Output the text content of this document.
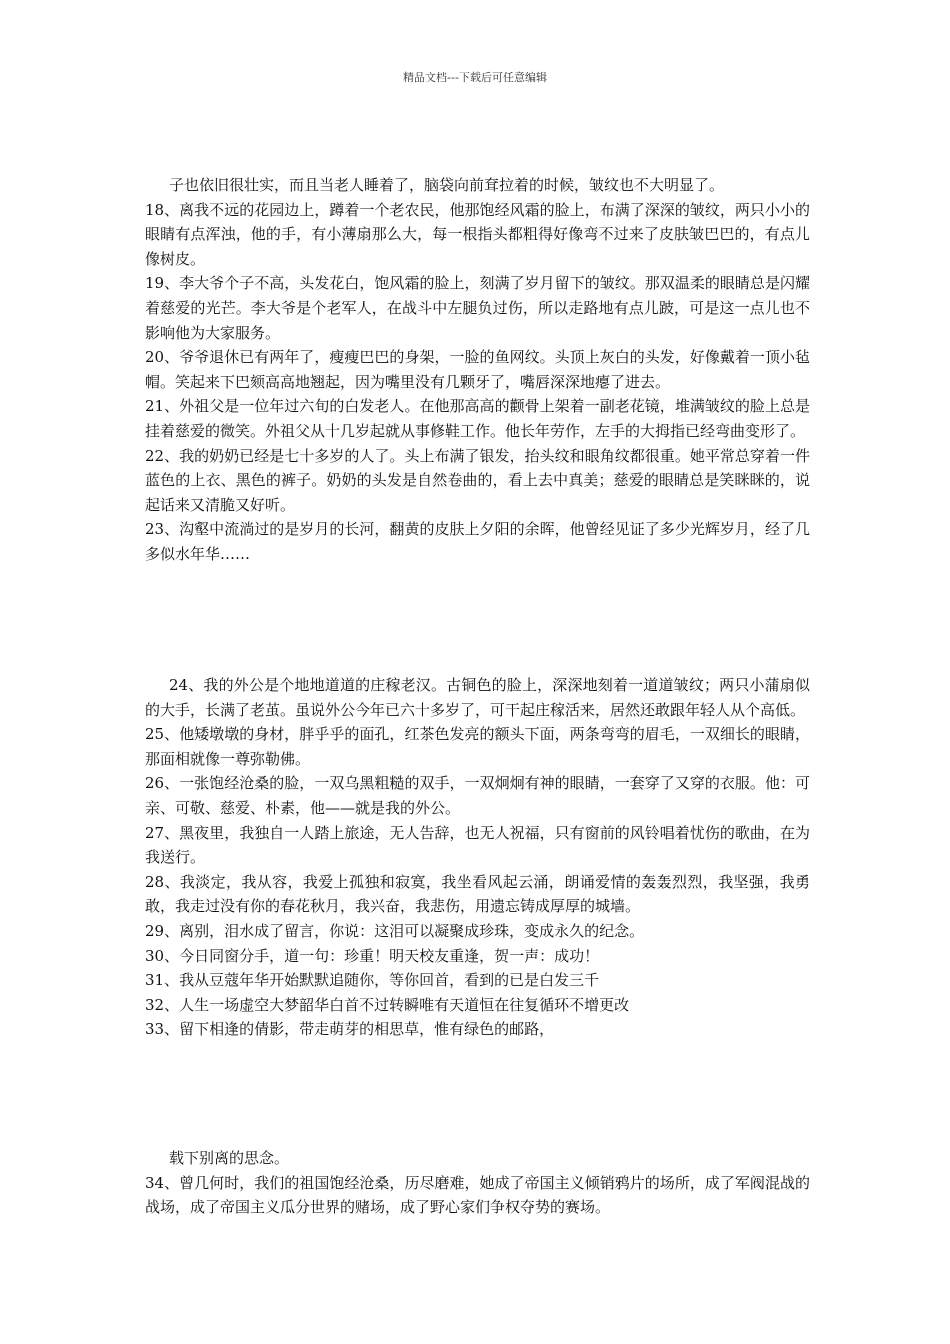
精品文档---下载后可任意编辑

子也依旧很壮实，而且当老人睡着了，脑袋向前耷拉着的时候，皱纹也不大明显了。

18、离我不远的花园边上，蹲着一个老农民，他那饱经风霜的脸上，布满了深深的皱纹，两只小小的眼睛有点浑浊，他的手，有小薄扇那么大，每一根指头都粗得好像弯不过来了皮肤皱巴巴的，有点儿像树皮。

19、李大爷个子不高，头发花白，饱风霜的脸上，刻满了岁月留下的皱纹。那双温柔的眼睛总是闪耀着慈爱的光芒。李大爷是个老军人，在战斗中左腿负过伤，所以走路地有点儿跛，可是这一点儿也不影响他为大家服务。

20、爷爷退休已有两年了，瘦瘦巴巴的身架，一脸的鱼网纹。头顶上灰白的头发，好像戴着一顶小毡帽。笑起来下巴颏高高地翘起，因为嘴里没有几颗牙了，嘴唇深深地瘪了进去。

21、外祖父是一位年过六旬的白发老人。在他那高高的颧骨上架着一副老花镜，堆满皱纹的脸上总是挂着慈爱的微笑。外祖父从十几岁起就从事修鞋工作。他长年劳作，左手的大拇指已经弯曲变形了。

22、我的奶奶已经是七十多岁的人了。头上布满了银发，抬头纹和眼角纹都很重。她平常总穿着一件蓝色的上衣、黑色的裤子。奶奶的头发是自然卷曲的，看上去中真美；慈爱的眼睛总是笑眯眯的，说起话来又清脆又好听。

23、沟壑中流淌过的是岁月的长河，翻黄的皮肤上夕阳的余晖，他曾经见证了多少光辉岁月，经了几多似水年华……

24、我的外公是个地地道道的庄稼老汉。古铜色的脸上，深深地刻着一道道皱纹；两只小蒲扇似的大手，长满了老茧。虽说外公今年已六十多岁了，可干起庄稼活来，居然还敢跟年轻人从个高低。

25、他矮墩墩的身材，胖乎乎的面孔，红茶色发亮的额头下面，两条弯弯的眉毛，一双细长的眼睛，那面相就像一尊弥勒佛。

26、一张饱经沧桑的脸，一双乌黑粗糙的双手，一双炯炯有神的眼睛，一套穿了又穿的衣服。他：可亲、可敬、慈爱、朴素，他——就是我的外公。

27、黑夜里，我独自一人踏上旅途，无人告辞，也无人祝福，只有窗前的风铃唱着忧伤的歌曲，在为我送行。

28、我淡定，我从容，我爱上孤独和寂寞，我坐看风起云涌，朗诵爱情的轰轰烈烈，我坚强，我勇敢，我走过没有你的春花秋月，我兴奋，我悲伤，用遗忘铸成厚厚的城墙。

29、离别，泪水成了留言，你说：这泪可以凝聚成珍珠，变成永久的纪念。

30、今日同窗分手，道一句：珍重！明天校友重逢，贺一声：成功！

31、我从豆蔻年华开始默默追随你，等你回首，看到的已是白发三千

32、人生一场虚空大梦韶华白首不过转瞬唯有天道恒在往复循环不增更改

33、留下相逢的倩影，带走萌芽的相思草，惟有绿色的邮路，

载下别离的思念。

34、曾几何时，我们的祖国饱经沧桑，历尽磨难，她成了帝国主义倾销鸦片的场所，成了军阀混战的战场，成了帝国主义瓜分世界的赌场，成了野心家们争权夺势的赛场。
